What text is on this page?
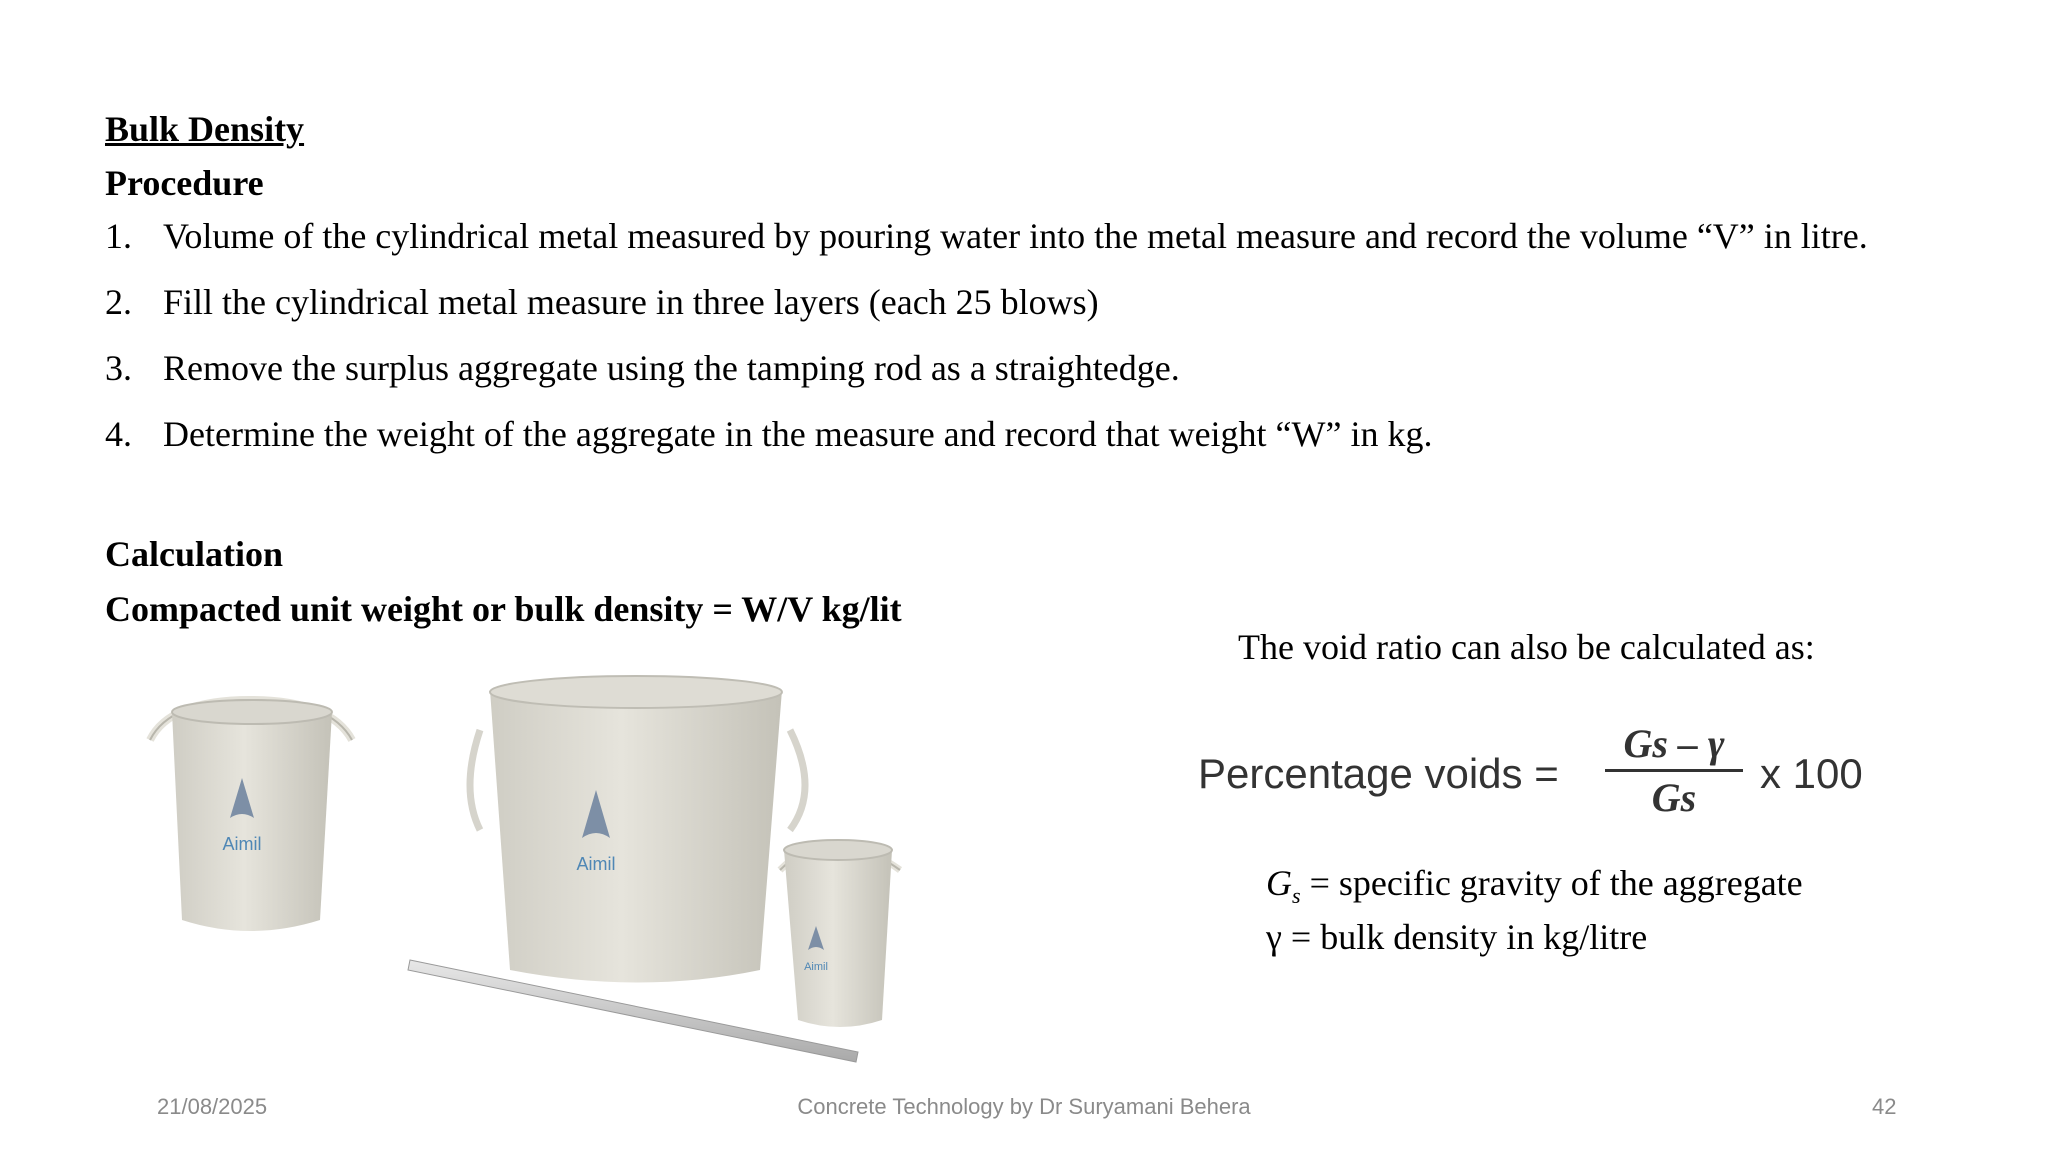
Bulk Density
Procedure
1. Volume of the cylindrical metal measured by pouring water into the metal measure and record the volume “V” in litre.
2. Fill the cylindrical metal measure in three layers (each 25 blows)
3. Remove the surplus aggregate using the tamping rod as a straightedge.
4. Determine the weight of the aggregate in the measure and record that weight “W” in kg.
Calculation
Compacted unit weight or bulk density = W/V kg/lit
The void ratio can also be calculated as:
Percentage voids =
Gs – γ
Gs
x 100
$G_s$ = specific gravity of the aggregate
γ = bulk density in kg/litre
Aimil
Aimil
Aimil
21/08/2025	Concrete Technology by Dr Suryamani Behera	42
